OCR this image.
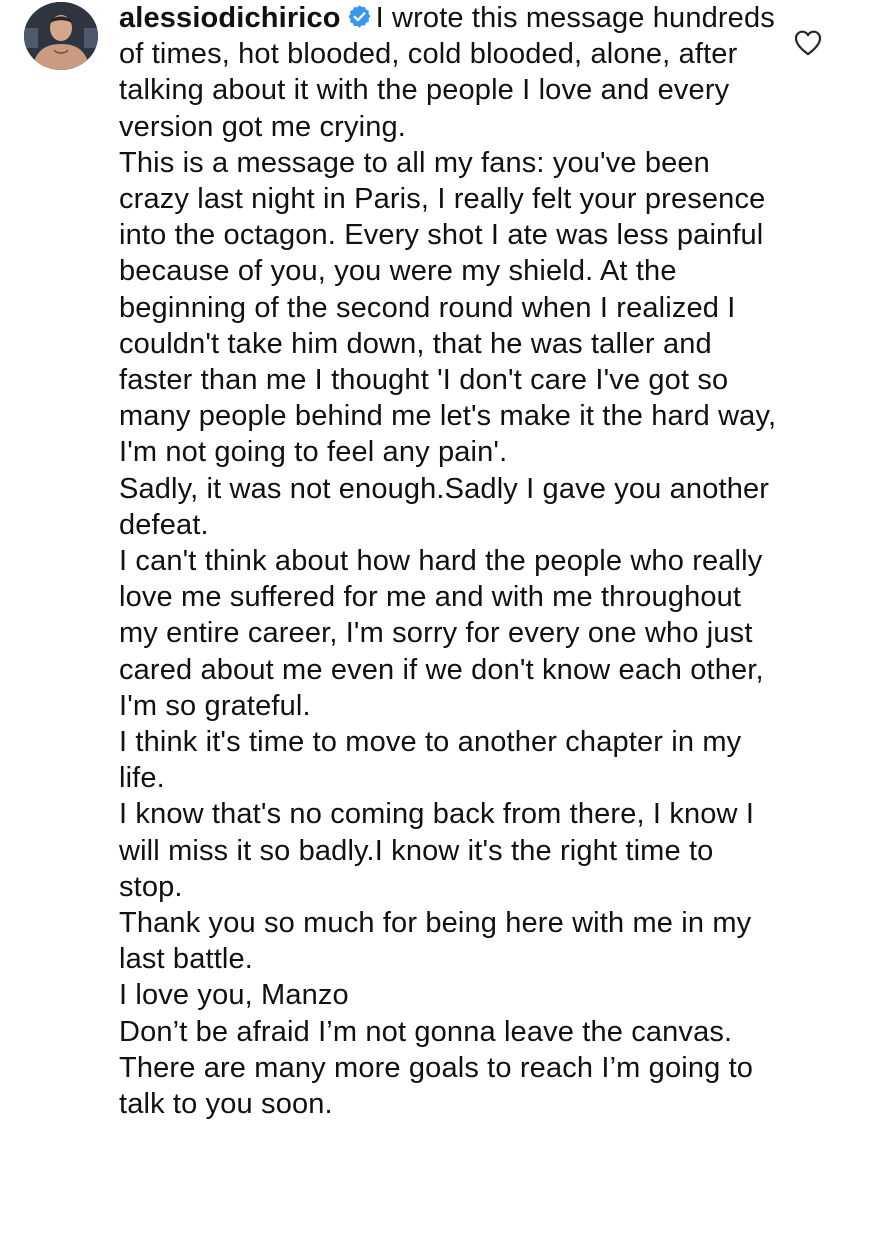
alessiodichirico I wrote this message hundreds of times, hot blooded, cold blooded, alone, after talking about it with the people I love and every version got me crying.

This is a message to all my fans: you've been crazy last night in Paris, I really felt your presence into the octagon. Every shot I ate was less painful because of you, you were my shield. At the beginning of the second round when I realized I couldn't take him down, that he was taller and faster than me I thought 'I don't care I've got so many people behind me let's make it the hard way, I'm not going to feel any pain'.

Sadly, it was not enough.Sadly I gave you another defeat.

I can't think about how hard the people who really love me suffered for me and with me throughout my entire career, I'm sorry for every one who just cared about me even if we don't know each other, I'm so grateful.

I think it's time to move to another chapter in my life.

I know that's no coming back from there, I know I will miss it so badly.I know it's the right time to stop.

Thank you so much for being here with me in my last battle.

I love you, Manzo

Don’t be afraid I’m not gonna leave the canvas. There are many more goals to reach I’m going to talk to you soon.
